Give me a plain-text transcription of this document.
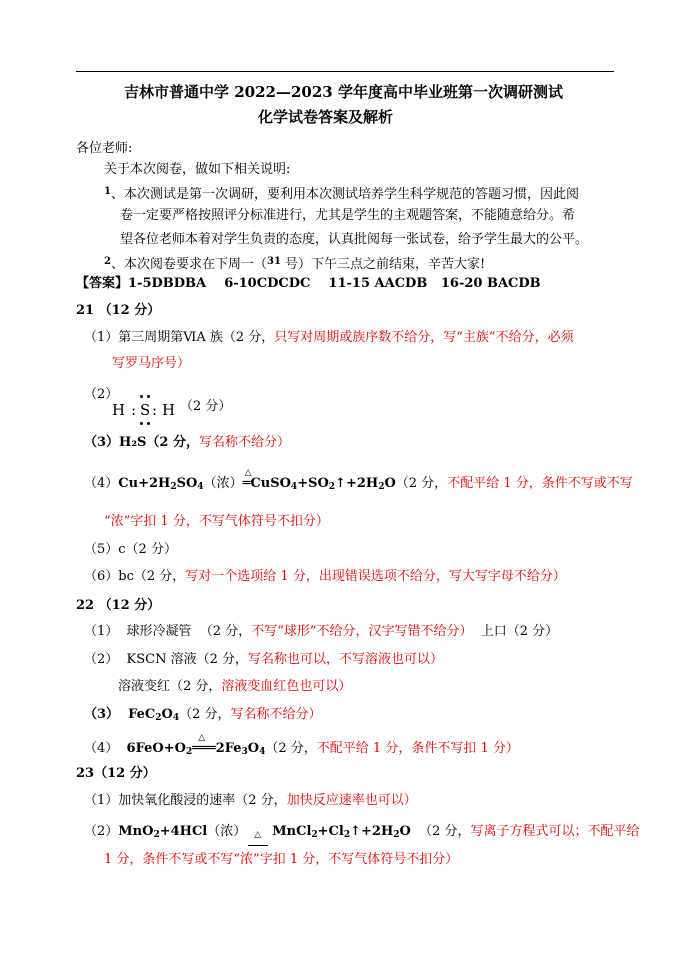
吉林市普通中学 2022—2023 学年度高中毕业班第一次调研测试
化学试卷答案及解析
各位老师:
关于本次阅卷，做如下相关说明:
$^1$、本次测试是第一次调研，要利用本次测试培养学生科学规范的答题习惯，因此阅
卷一定要严格按照评分标准进行，尤其是学生的主观题答案，不能随意给分。希
望各位老师本着对学生负责的态度，认真批阅每一张试卷，给予学生最大的公平。
$^2$、本次阅卷要求在下周一（$^{31}$ 号）下午三点之前结束，辛苦大家!
【答案】1-5DBDBA    6-10CDCDC    11-15 AACDB   16-20 BACDB
21 （12 分）
（1）第三周期第ⅥA 族（2 分，只写对周期或族序数不给分，写“主族”不给分，必须
写罗马序号）
（2）
H : S : H （2 分）
（3）H₂S（2 分，写名称不给分）
$(4)Cu+2H_2SO_4$（浓）
△
$═CuSO_4+SO_2↑+2H_2O(2$ 分，不配平给 1 分，条件不写或不写
“浓”字扣 1 分，不写气体符号不扣分）
（5）c（2 分）
（6）bc（2 分，写对一个选项给 1 分，出现错误选项不给分，写大写字母不给分）
22 （12 分）
（1）  球形冷凝管  （2 分，不写“球形”不给分，汉字写错不给分）  上口（2 分）
（2）  KSCN 溶液（2 分，写名称也可以，不写溶液也可以）
溶液变红（2 分，溶液变血红色也可以）
（3）  $FeC_2O_4(2$ 分，写名称不给分）
（4）  $6FeO+O_2$
△
$═══2Fe_3O_4(2$ 分，不配平给 1 分，条件不写扣 1 分）
23（12 分）
（1）加快氧化酸浸的速率（2 分，加快反应速率也可以）
（2）MnO$_2$+4HCl（浓） △ $MnCl_2+Cl_2↑+2H_2O$  （2 分，写离子方程式可以；不配平给
1 分，条件不写或不写“浓”字扣 1 分，不写气体符号不扣分）
